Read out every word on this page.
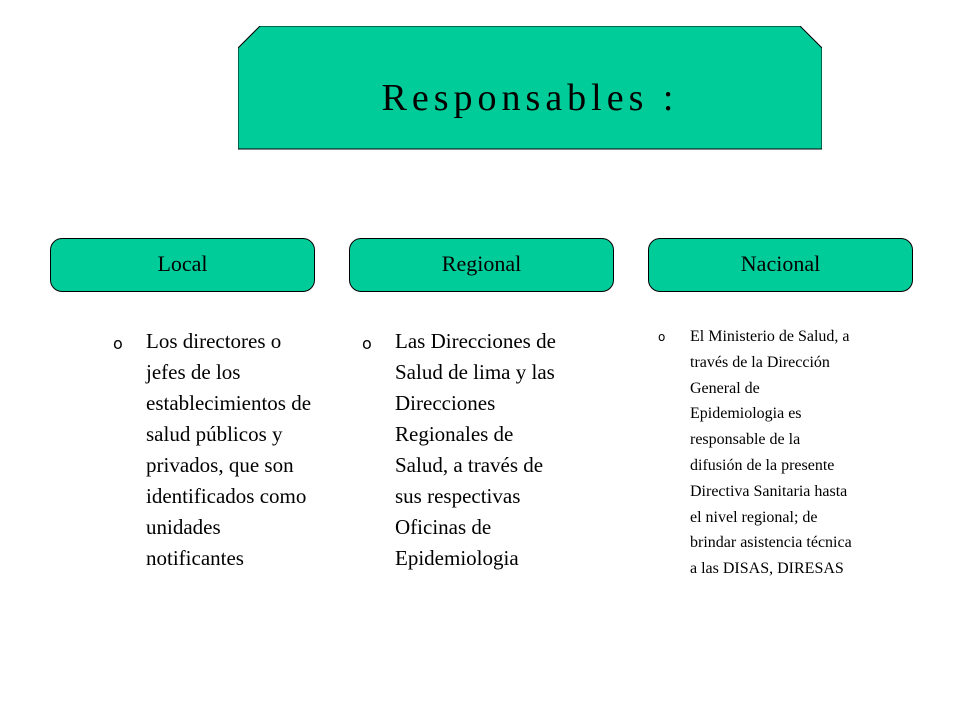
Responsables :
Local	Regional	Nacional
o Los directores o jefes de los establecimientos de salud públicos y privados, que son identificados como unidades notificantes
o Las Direcciones de Salud de lima y las Direcciones Regionales de Salud, a través de sus respectivas Oficinas de Epidemiologia
o El Ministerio de Salud, a través de la Dirección General de Epidemiologia es responsable de la difusión de la presente Directiva Sanitaria hasta el nivel regional; de brindar asistencia técnica a las DISAS, DIRESAS
